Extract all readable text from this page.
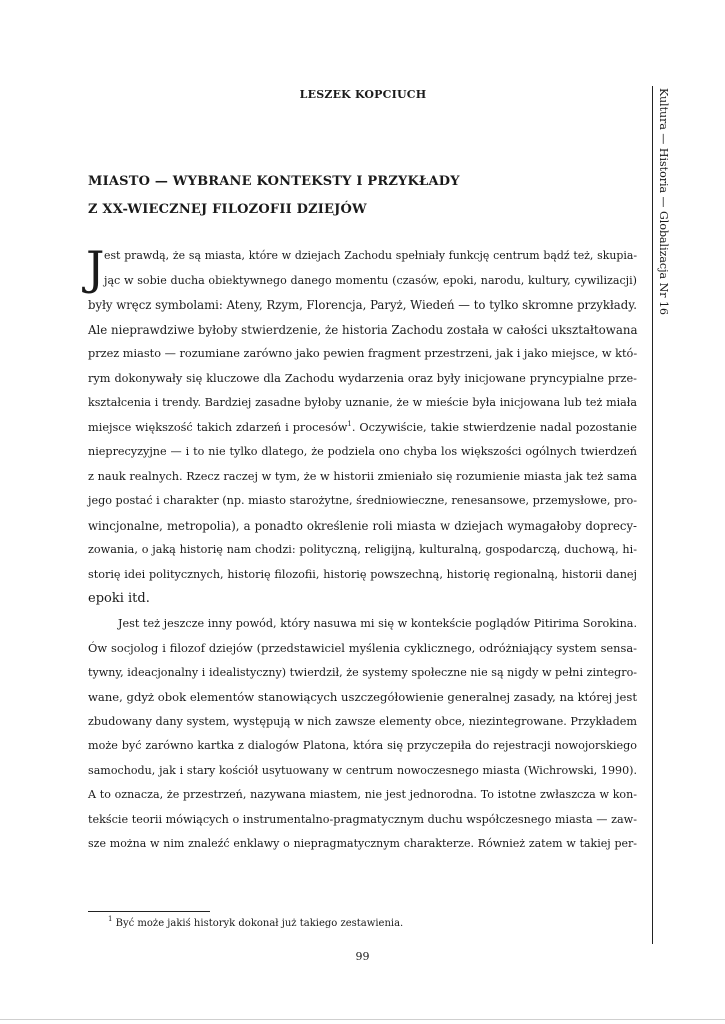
LESZEK KOPCIUCH
MIASTO — WYBRANE KONTEKSTY I PRZYKŁADY
Z XX-WIECZNEJ FILOZOFII DZIEJÓW
J est prawdą, że są miasta, które w dziejach Zachodu spełniały funkcję centrum bądź też, skupia-
jąc w sobie ducha obiektywnego danego momentu (czasów, epoki, narodu, kultury, cywilizacji)
były wręcz symbolami: Ateny, Rzym, Florencja, Paryż, Wiedeń — to tylko skromne przykłady.
Ale nieprawdziwe byłoby stwierdzenie, że historia Zachodu została w całości ukształtowana
przez miasto — rozumiane zarówno jako pewien fragment przestrzeni, jak i jako miejsce, w któ-
rym dokonywały się kluczowe dla Zachodu wydarzenia oraz były inicjowane pryncypialne prze-
kształcenia i trendy. Bardziej zasadne byłoby uznanie, że w mieście była inicjowana lub też miała
miejsce większość takich zdarzeń i procesów$^1$. Oczywiście, takie stwierdzenie nadal pozostanie
nieprecyzyjne — i to nie tylko dlatego, że podziela ono chyba los większości ogólnych twierdzeń
z nauk realnych. Rzecz raczej w tym, że w historii zmieniało się rozumienie miasta jak też sama
jego postać i charakter (np. miasto starożytne, średniowieczne, renesansowe, przemysłowe, pro-
wincjonalne, metropolia), a ponadto określenie roli miasta w dziejach wymagałoby doprecy-
zowania, o jaką historię nam chodzi: polityczną, religijną, kulturalną, gospodarczą, duchową, hi-
storię idei politycznych, historię filozofii, historię powszechną, historię regionalną, historii danej
epoki itd.
Jest też jeszcze inny powód, który nasuwa mi się w kontekście poglądów Pitirima Sorokina.
Ów socjolog i filozof dziejów (przedstawiciel myślenia cyklicznego, odróżniający system sensa-
tywny, ideacjonalny i idealistyczny) twierdził, że systemy społeczne nie są nigdy w pełni zintegro-
wane, gdyż obok elementów stanowiących uszczegółowienie generalnej zasady, na której jest
zbudowany dany system, występują w nich zawsze elementy obce, niezintegrowane. Przykładem
może być zarówno kartka z dialogów Platona, która się przyczepiła do rejestracji nowojorskiego
samochodu, jak i stary kościół usytuowany w centrum nowoczesnego miasta (Wichrowski, 1990).
A to oznacza, że przestrzeń, nazywana miastem, nie jest jednorodna. To istotne zwłaszcza w kon-
tekście teorii mówiących o instrumentalno-pragmatycznym duchu współczesnego miasta — zaw-
sze można w nim znaleźć enklawy o niepragmatycznym charakterze. Również zatem w takiej per-
Kultura — Historia — Globalizacja Nr 16
$^1$ Być może jakiś historyk dokonał już takiego zestawienia.
99
